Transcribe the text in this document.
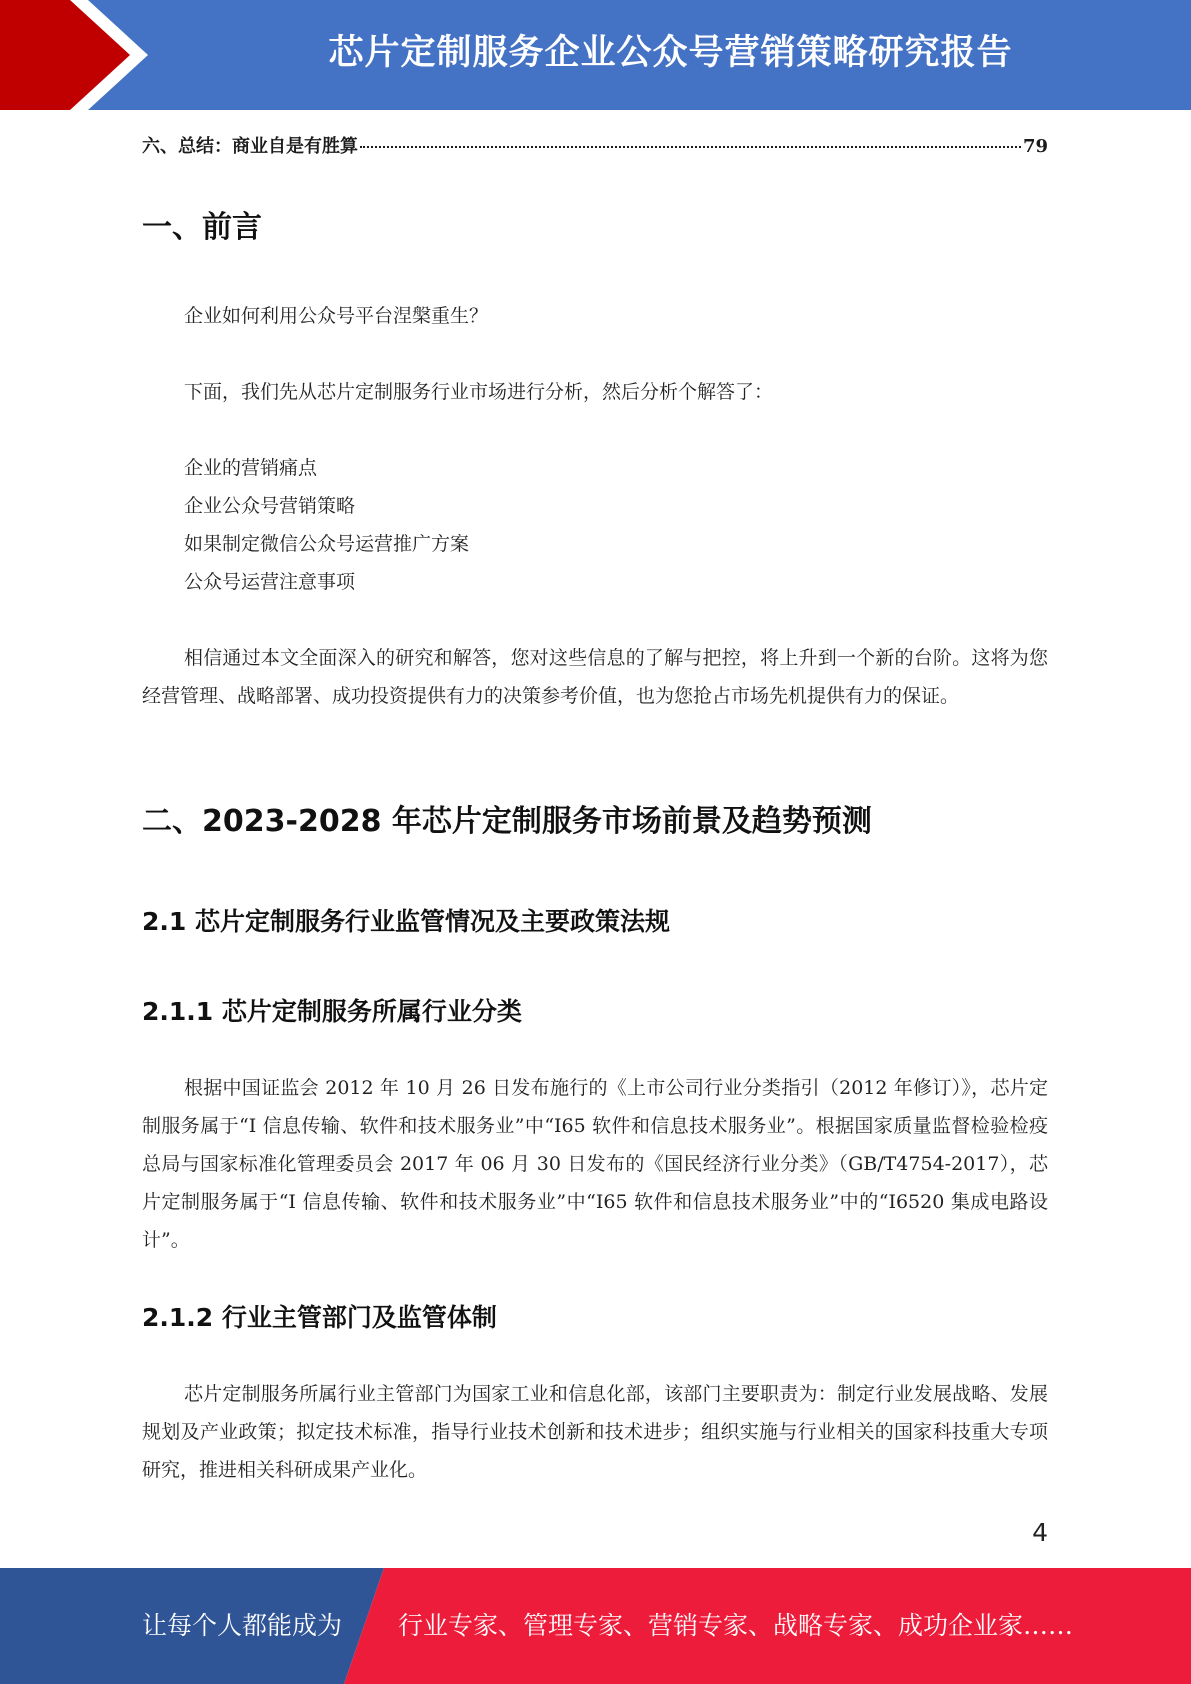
芯片定制服务企业公众号营销策略研究报告
六、总结：商业自是有胜算	79
一、前言

企业如何利用公众号平台涅槃重生？

下面，我们先从芯片定制服务行业市场进行分析，然后分析个解答了：

企业的营销痛点
企业公众号营销策略
如果制定微信公众号运营推广方案
公众号运营注意事项

相信通过本文全面深入的研究和解答，您对这些信息的了解与把控，将上升到一个新的台阶。这将为您经营管理、战略部署、成功投资提供有力的决策参考价值，也为您抢占市场先机提供有力的保证。

二、2023-2028 年芯片定制服务市场前景及趋势预测
2.1 芯片定制服务行业监管情况及主要政策法规
2.1.1 芯片定制服务所属行业分类

根据中国证监会 2012 年 10 月 26 日发布施行的《上市公司行业分类指引（2012 年修订）》，芯片定制服务属于“I 信息传输、软件和技术服务业”中“I65 软件和信息技术服务业”。根据国家质量监督检验检疫总局与国家标准化管理委员会 2017 年 06 月 30 日发布的《国民经济行业分类》（GB/T4754-2017），芯片定制服务属于“I 信息传输、软件和技术服务业”中“I65 软件和信息技术服务业”中的“I6520 集成电路设计”。

2.1.2 行业主管部门及监管体制

芯片定制服务所属行业主管部门为国家工业和信息化部，该部门主要职责为：制定行业发展战略、发展规划及产业政策；拟定技术标准，指导行业技术创新和技术进步；组织实施与行业相关的国家科技重大专项研究，推进相关科研成果产业化。

4
让每个人都能成为 行业专家、管理专家、营销专家、战略专家、成功企业家……
